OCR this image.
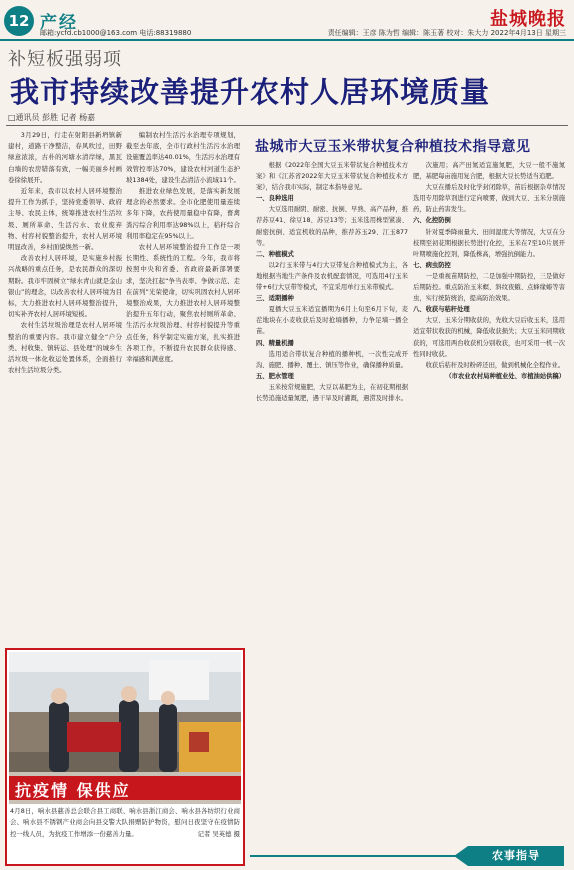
12 产经
邮箱:ycfd.cb1000@163.com 电话:88319880
盐城晚报
责任编辑：王彦 陈为哲 编辑：陈玉著 校对：朱大力 2022年4月13日 星期三
补短板强弱项
我市持续改善提升农村人居环境质量
□通讯员 彭胜 记者 杨嘉

3月29日，行走在射阳县新坍镇新建村，道路干净整洁，春风吹过，田野绿意浓浓，古朴的河塘水清岸绿，黑瓦白墙的农房错落有致，一幅美丽乡村画卷徐徐展开。

近年来，我市以农村人居环境整治提升工作为抓手，坚持党委领导、政府主导、农民主体，统筹推进农村生活垃圾、厕所革命、生活污水、农业废弃物、村容村貌整治提升，农村人居环境明显改善，乡村面貌焕然一新。

改善农村人居环境，是实施乡村振兴战略的重点任务，是农民群众的深切期盼。我市牢固树立“绿水青山就是金山银山”的理念，以改善农村人居环境为目标，大力推进农村人居环境整治提升，切实补齐农村人居环境短板。

农村生活垃圾治理是农村人居环境整治的重要内容。我市建立健全“户分类、村收集、镇转运、县处理”的城乡生活垃圾一体化收运处置体系，全面推行农村生活垃圾分类。

编制农村生活污水治理专项规划，截至去年底，全市行政村生活污水治理设施覆盖率达40.01%，生活污水治理有效管控率达70%，建设农村河道生态护坡1384处，建设生态清洁小流域11个。

推进农业绿色发展，是落实新发展理念的必然要求。全市化肥使用量连续多年下降，农药使用量稳中有降，畜禽粪污综合利用率达98%以上，秸秆综合利用率稳定在95%以上。

农村人居环境整治提升工作是一项长期性、系统性的工程。今年，我市将按照中央和省委、省政府最新部署要求，坚决扛起“争当表率、争做示范、走在前列”光荣使命，切实巩固农村人居环境整治成果，大力推进农村人居环境整治提升五年行动，聚焦农村厕所革命、生活污水垃圾治理、村容村貌提升等重点任务，科学制定实施方案，扎实推进各项工作，不断提升农民群众获得感、幸福感和满意度。

盐城市大豆玉米带状复合种植技术指导意见

根据《2022年全国大豆玉米带状复合种植技术方案》和《江苏省2022年大豆玉米带状复合种植技术方案》，结合我市实际，制定本指导意见。

一、良种选用

大豆选用耐阴、耐密、抗倒、早熟、高产品种，推荐苏豆41、徐豆18、苏豆13等；玉米选用株型紧凑、耐密抗倒、适宜机收的品种，推荐苏玉29、江玉877等。

二、种植模式

以2行玉米带与4行大豆带复合种植模式为主，各地根据当地生产条件及农机配套情况，可选用4行玉米带+6行大豆带等模式，不宜采用单行玉米带模式。

三、适期播种

夏播大豆玉米适宜播期为6月上旬至6月下旬，麦茬地块在小麦收获后及时抢墒播种，力争足墒一播全苗。

四、精量机播

选用适合带状复合种植的播种机，一次性完成开沟、施肥、播种、覆土、镇压等作业，确保播种质量。

五、肥水管理

玉米按常规施肥，大豆以基肥为主，在初花期根据长势追施适量氮肥，遇干旱及时灌溉，遇涝及时排水。

次施用；高产田氮适宜施氮肥，大豆一般不施氮肥，基肥每亩施用复合肥，根据大豆长势适当追肥。

大豆在播后及时化学封闭除草，苗后根据杂草情况选用专用除草剂进行定向喷雾，做到大豆、玉米分别施药，防止药害发生。

六、化控防倒

针对夏季降雨量大、田间湿度大等情况，大豆在分枝期至初花期根据长势进行化控，玉米在7至10片展开叶期喷施化控剂，降低株高，增强抗倒能力。

七、病虫防控

一是重视苗期防控，二是加强中期防控，三是做好后期防控。重点防治玉米螟、斜纹夜蛾、点蜂缘蝽等害虫，实行统防统治，提高防治效果。

八、收获与秸秆处理

大豆、玉米分期收获的，先收大豆后收玉米，选用适宜带状收获的机械，降低收获损失；大豆玉米同期收获的，可选用两台收获机分别收获，也可采用一机一次性同时收获。

收获后秸秆及时粉碎还田，做到机械化全程作业。

（市农业农村局种植业处、市植油站供稿）

抗疫情 保供应
4月8日，响水县慈善总会联合县工商联、响水县浙江商会、响水县各纺织行业商会、响水县不锈钢产业商会向县交警大队捐赠防护物资，慰问日夜坚守在疫情防控一线人员，为抗疫工作增添一份慈善力量。	记者 吴英德 摄
农事指导
